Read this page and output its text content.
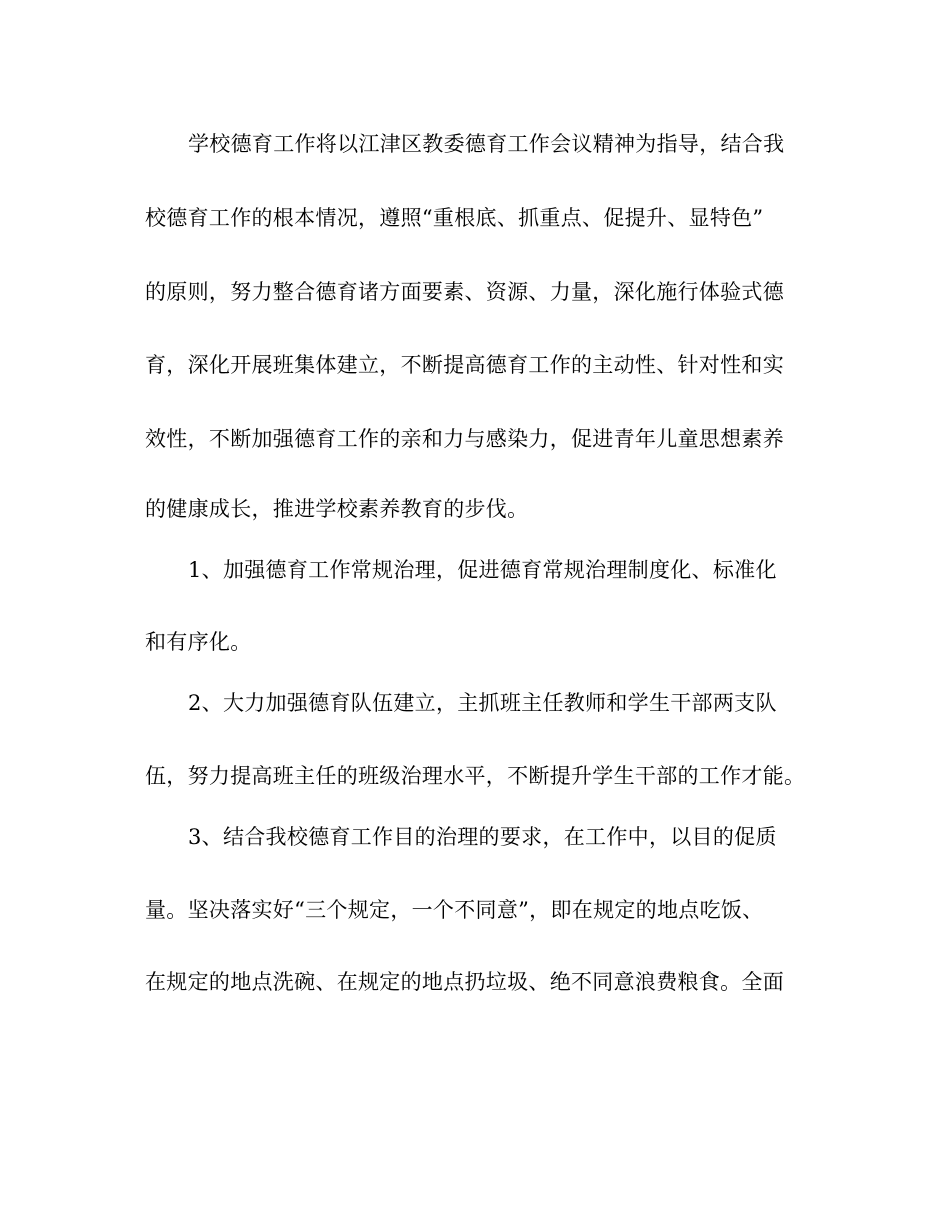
学校德育工作将以江津区教委德育工作会议精神为指导，结合我
校德育工作的根本情况，遵照“重根底、抓重点、促提升、显特色”
的原则，努力整合德育诸方面要素、资源、力量，深化施行体验式德
育，深化开展班集体建立，不断提高德育工作的主动性、针对性和实
效性，不断加强德育工作的亲和力与感染力，促进青年儿童思想素养
的健康成长，推进学校素养教育的步伐。
1、加强德育工作常规治理，促进德育常规治理制度化、标准化
和有序化。
2、大力加强德育队伍建立，主抓班主任教师和学生干部两支队
伍，努力提高班主任的班级治理水平，不断提升学生干部的工作才能。
3、结合我校德育工作目的治理的要求，在工作中，以目的促质
量。坚决落实好“三个规定，一个不同意”，即在规定的地点吃饭、
在规定的地点洗碗、在规定的地点扔垃圾、绝不同意浪费粮食。全面
